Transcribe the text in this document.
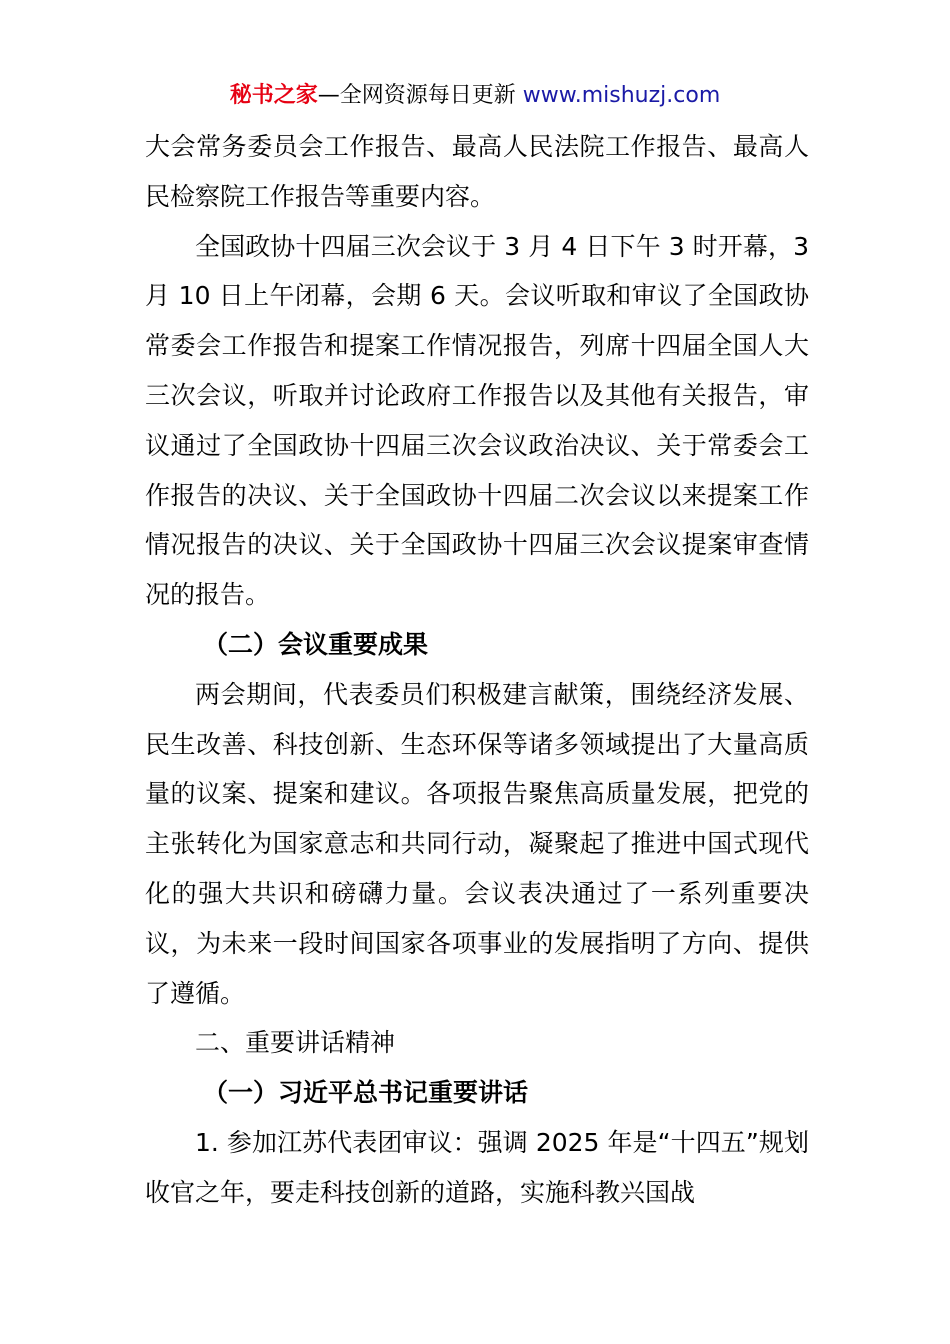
秘书之家—全网资源每日更新 www.mishuzj.com

大会常务委员会工作报告、最高人民法院工作报告、最高人民检察院工作报告等重要内容。

全国政协十四届三次会议于 3 月 4 日下午 3 时开幕，3 月 10 日上午闭幕，会期 6 天。会议听取和审议了全国政协常委会工作报告和提案工作情况报告，列席十四届全国人大三次会议，听取并讨论政府工作报告以及其他有关报告，审议通过了全国政协十四届三次会议政治决议、关于常委会工作报告的决议、关于全国政协十四届二次会议以来提案工作情况报告的决议、关于全国政协十四届三次会议提案审查情况的报告。

（二）会议重要成果

两会期间，代表委员们积极建言献策，围绕经济发展、民生改善、科技创新、生态环保等诸多领域提出了大量高质量的议案、提案和建议。各项报告聚焦高质量发展，把党的主张转化为国家意志和共同行动，凝聚起了推进中国式现代化的强大共识和磅礴力量。会议表决通过了一系列重要决议，为未来一段时间国家各项事业的发展指明了方向、提供了遵循。

二、重要讲话精神

（一）习近平总书记重要讲话

1. 参加江苏代表团审议：强调 2025 年是“十四五”规划收官之年，要走科技创新的道路，实施科教兴国战
